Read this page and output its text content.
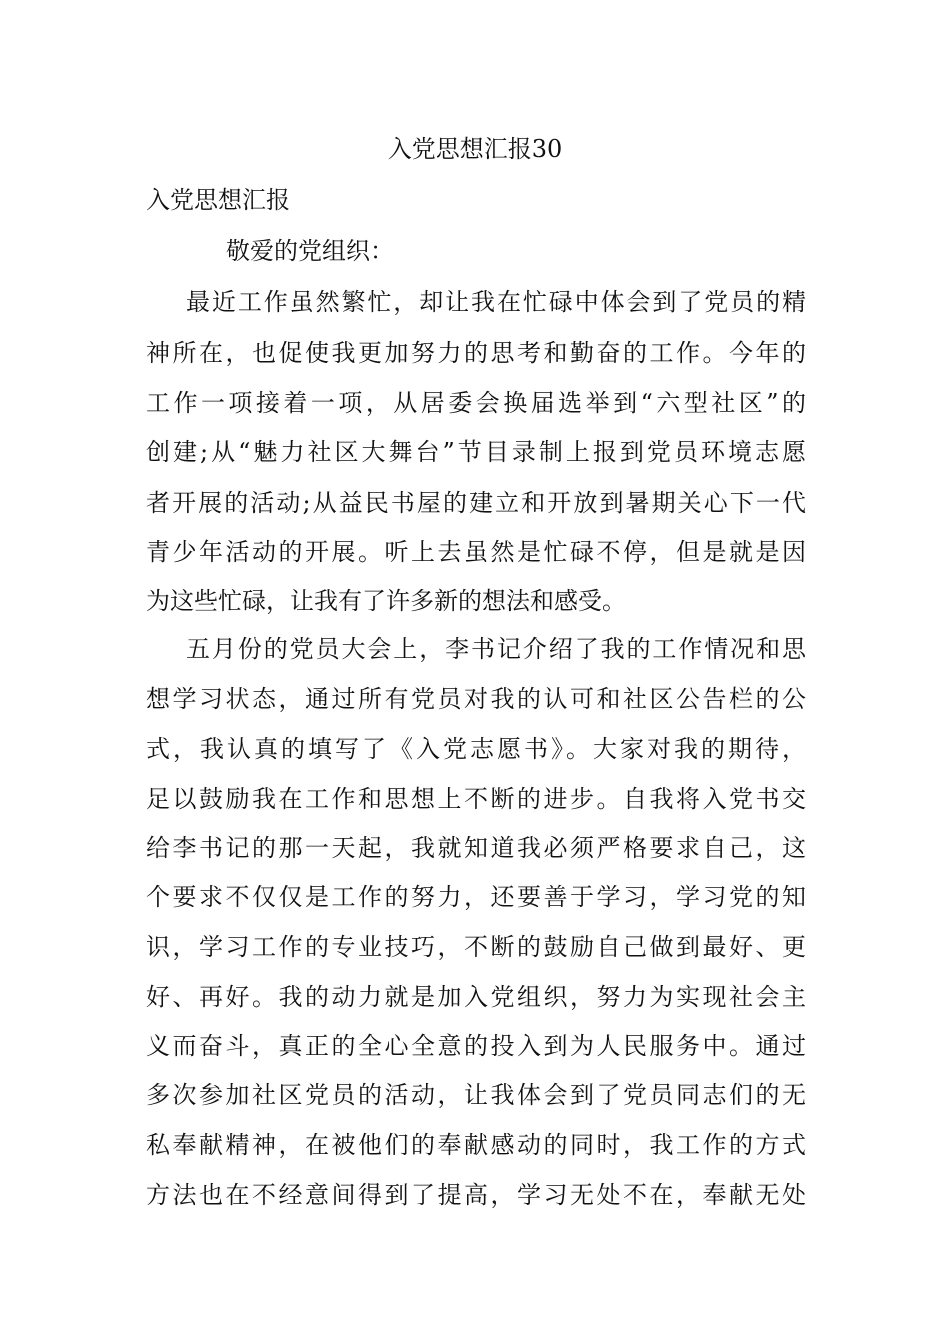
入党思想汇报30
入党思想汇报
敬爱的党组织：
最近工作虽然繁忙，却让我在忙碌中体会到了党员的精
神所在，也促使我更加努力的思考和勤奋的工作。今年的
工作一项接着一项，从居委会换届选举到“六型社区”的
创建;从“魅力社区大舞台”节目录制上报到党员环境志愿
者开展的活动;从益民书屋的建立和开放到暑期关心下一代
青少年活动的开展。听上去虽然是忙碌不停，但是就是因
为这些忙碌，让我有了许多新的想法和感受。
五月份的党员大会上，李书记介绍了我的工作情况和思
想学习状态，通过所有党员对我的认可和社区公告栏的公
式，我认真的填写了《入党志愿书》。大家对我的期待，
足以鼓励我在工作和思想上不断的进步。自我将入党书交
给李书记的那一天起，我就知道我必须严格要求自己，这
个要求不仅仅是工作的努力，还要善于学习，学习党的知
识，学习工作的专业技巧，不断的鼓励自己做到最好、更
好、再好。我的动力就是加入党组织，努力为实现社会主
义而奋斗，真正的全心全意的投入到为人民服务中。通过
多次参加社区党员的活动，让我体会到了党员同志们的无
私奉献精神，在被他们的奉献感动的同时，我工作的方式
方法也在不经意间得到了提高，学习无处不在，奉献无处
